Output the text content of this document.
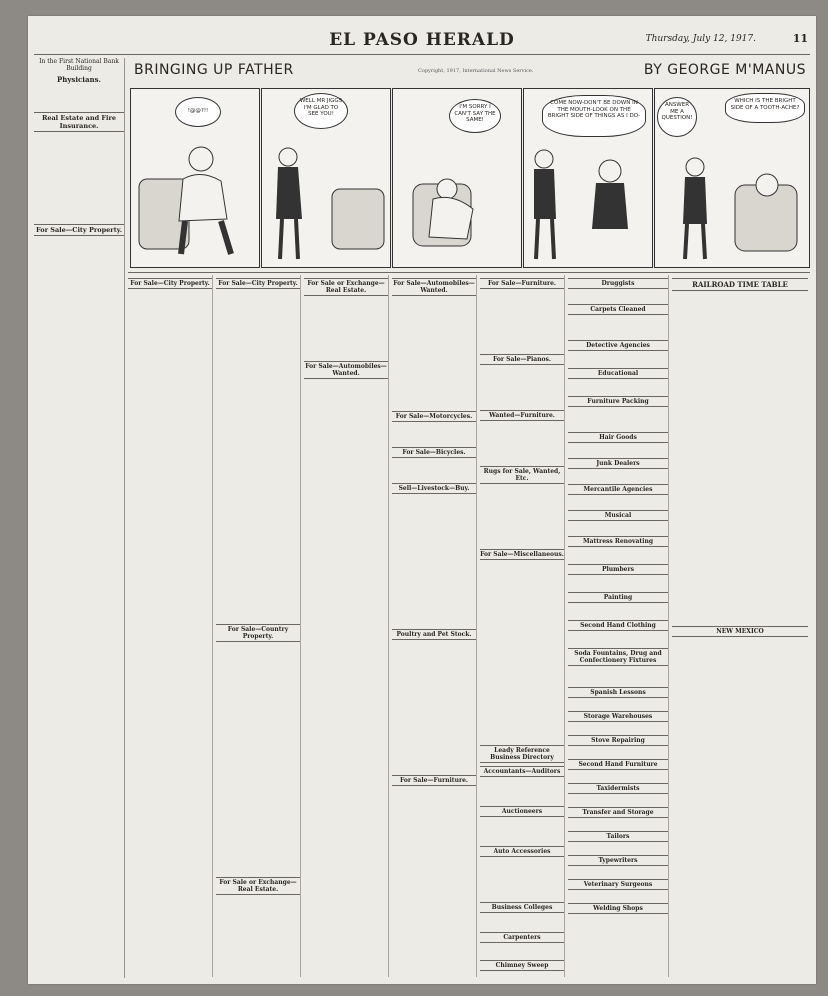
EL PASO HERALD	Thursday, July 12, 1917.	11
In the First National Bank Building
Physicians.
Real Estate and Fire Insurance.
For Sale—City Property.
BRINGING UP FATHER	Copyright, 1917, International News Service.	BY GEORGE M'MANUS
!@@?!!
WELL MR JIGGS I'M GLAD TO SEE YOU!
I'M SORRY I CAN'T SAY THE SAME!
COME NOW-DON'T BE DOWN IN THE MOUTH-LOOK ON THE BRIGHT SIDE OF THINGS AS I DO-
ANSWER ME A QUESTION!
WHICH IS THE BRIGHT SIDE OF A TOOTH-ACHE?
For Sale—City Property.	For Sale—City Property.
For Sale—Country Property.
For Sale or Exchange—Real Estate.
For Sale or Exchange—Real Estate.
For Sale—Automobiles—Wanted.
For Sale—Automobiles—Wanted.
For Sale—Motorcycles.
For Sale—Bicycles.
Sell—Livestock—Buy.
Poultry and Pet Stock.
For Sale—Furniture.
For Sale—Furniture.
For Sale—Pianos.
Wanted—Furniture.
Rugs for Sale, Wanted, Etc.
For Sale—Miscellaneous.
Leady Reference Business Directory
Accountants—Auditors
Auctioneers
Auto Accessories
Business Colleges
Carpenters
Chimney Sweep
Druggists
Carpets Cleaned
Detective Agencies
Educational
Furniture Packing
Hair Goods
Junk Dealers
Mercantile Agencies
Musical
Mattress Renovating
Plumbers
Painting
Second Hand Clothing
Soda Fountains, Drug and Confectionery Fixtures
Spanish Lessons
Storage Warehouses
Stove Repairing
Second Hand Furniture
Taxidermists
Transfer and Storage
Tailors
Typewriters
Veterinary Surgeons
Welding Shops
RAILROAD TIME TABLE
NEW MEXICO
